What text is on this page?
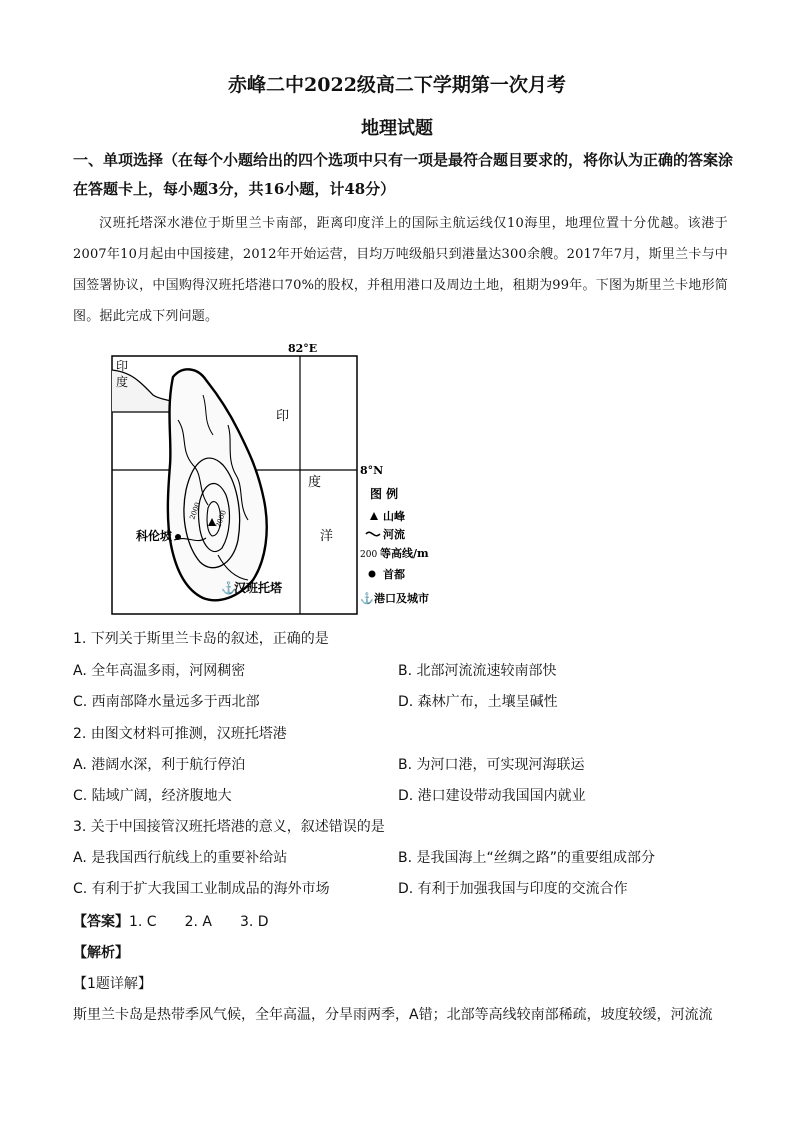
赤峰二中2022级高二下学期第一次月考
地理试题
一、单项选择（在每个小题给出的四个选项中只有一项是最符合题目要求的，将你认为正确的答案涂在答题卡上，每小题3分，共16小题，计48分）
汉班托塔深水港位于斯里兰卡南部，距离印度洋上的国际主航运线仅10海里，地理位置十分优越。该港于2007年10月起由中国接建，2012年开始运营，目均万吨级船只到港量达300余艘。2017年7月，斯里兰卡与中国签署协议，中国购得汉班托塔港口70%的股权，并租用港口及周边土地，租期为99年。下图为斯里兰卡地形简图。据此完成下列问题。
⚓
82°E
8°N
印
度
印
度
洋
科伦坡
汉班托塔
2000 2000
图 例
山峰
河流
200 等高线/m
首都
⚓ 港口及城市
1. 下列关于斯里兰卡岛的叙述，正确的是
A. 全年高温多雨，河网稠密	B. 北部河流流速较南部快
C. 西南部降水量远多于西北部	D. 森林广布，土壤呈碱性
2. 由图文材料可推测，汉班托塔港
A. 港阔水深，利于航行停泊	B. 为河口港，可实现河海联运
C. 陆域广阔，经济腹地大	D. 港口建设带动我国国内就业
3. 关于中国接管汉班托塔港的意义，叙述错误的是
A. 是我国西行航线上的重要补给站	B. 是我国海上“丝绸之路”的重要组成部分
C. 有利于扩大我国工业制成品的海外市场	D. 有利于加强我国与印度的交流合作
【答案】1. C　　2. A　　3. D
【解析】
【1题详解】
斯里兰卡岛是热带季风气候，全年高温，分旱雨两季，A错；北部等高线较南部稀疏，坡度较缓，河流流
